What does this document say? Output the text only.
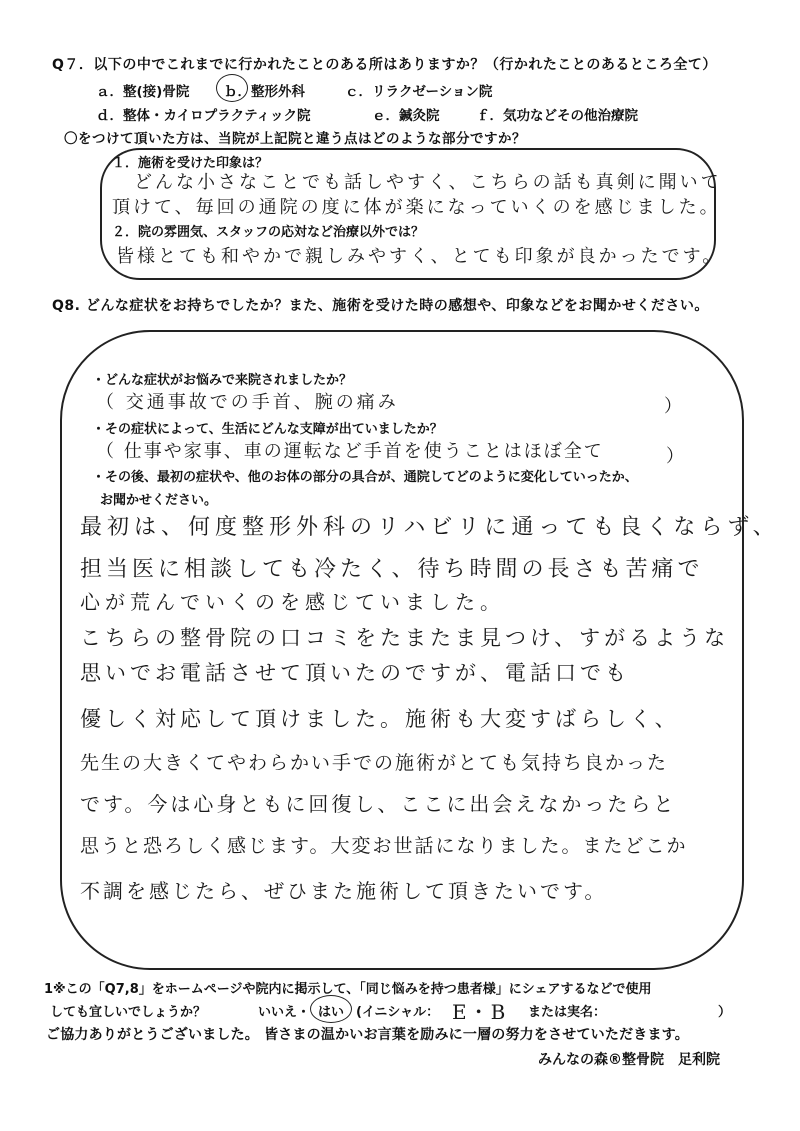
Q７．以下の中でこれまでに行かれたことのある所はありますか？（行かれたことのあるところ全て）
ａ．整(接)骨院	ｂ．整形外科	ｃ．リラクゼーション院
ｄ．整体・カイロプラクティック院	ｅ．鍼灸院	ｆ．気功などその他治療院
〇をつけて頂いた方は、当院が上記院と違う点はどのような部分ですか？
１．施術を受けた印象は？
どんな小さなことでも話しやすく、こちらの話も真剣に聞いて
頂けて、毎回の通院の度に体が楽になっていくのを感じました。
２．院の雰囲気、スタッフの応対など治療以外では？
皆様とても和やかで親しみやすく、とても印象が良かったです。
Q8. どんな症状をお持ちでしたか？また、施術を受けた時の感想や、印象などをお聞かせください。
・どんな症状がお悩みで来院されましたか？
（ 交通事故での手首、腕の痛み	）
・その症状によって、生活にどんな支障が出ていましたか？
（ 仕事や家事、車の運転など手首を使うことはほぼ全て	）
・その後、最初の症状や、他のお体の部分の具合が、通院してどのように変化していったか、
お聞かせください。
最初は、何度整形外科のリハビリに通っても良くならず、
担当医に相談しても冷たく、待ち時間の長さも苦痛で
心が荒んでいくのを感じていました。
こちらの整骨院の口コミをたまたま見つけ、すがるような
思いでお電話させて頂いたのですが、電話口でも
優しく対応して頂けました。施術も大変すばらしく、
先生の大きくてやわらかい手での施術がとても気持ち良かった
です。今は心身ともに回復し、ここに出会えなかったらと
思うと恐ろしく感じます。大変お世話になりました。またどこか
不調を感じたら、ぜひまた施術して頂きたいです。
1※この「Q7,8」をホームページや院内に掲示して、「同じ悩みを持つ患者様」にシェアするなどで使用
しても宜しいでしょうか？	いいえ・ はい (イニシャル： E・B または実名：	）
ご協力ありがとうございました。 皆さまの温かいお言葉を励みに一層の努力をさせていただきます。
みんなの森®整骨院　足利院
